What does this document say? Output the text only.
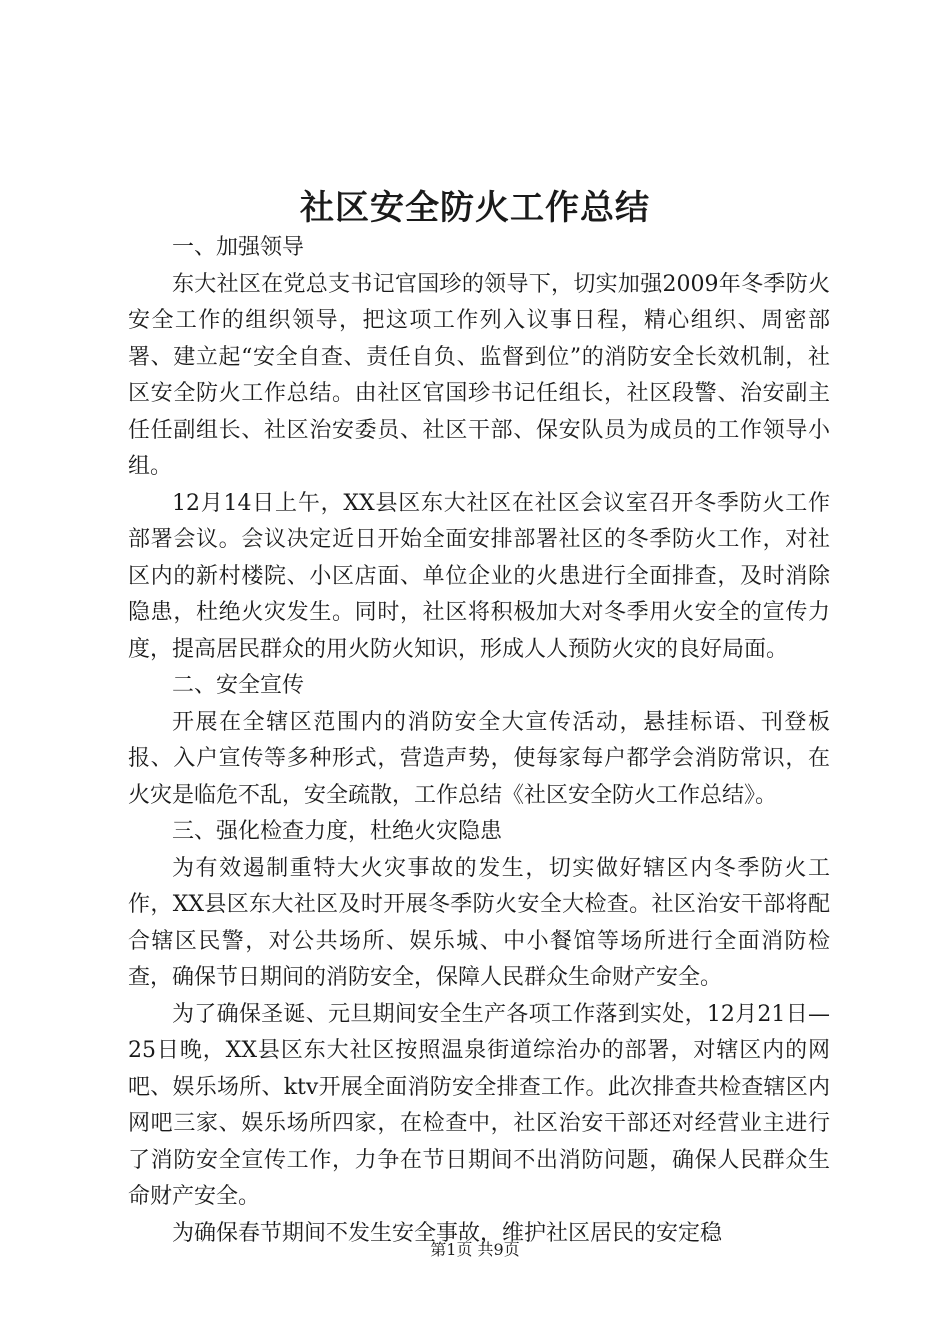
社区安全防火工作总结

一、加强领导

东大社区在党总支书记官国珍的领导下，切实加强2009年冬季防火安全工作的组织领导，把这项工作列入议事日程，精心组织、周密部署、建立起“安全自查、责任自负、监督到位”的消防安全长效机制，社区安全防火工作总结。由社区官国珍书记任组长，社区段警、治安副主任任副组长、社区治安委员、社区干部、保安队员为成员的工作领导小组。

12月14日上午，XX县区东大社区在社区会议室召开冬季防火工作部署会议。会议决定近日开始全面安排部署社区的冬季防火工作，对社区内的新村楼院、小区店面、单位企业的火患进行全面排查，及时消除隐患，杜绝火灾发生。同时，社区将积极加大对冬季用火安全的宣传力度，提高居民群众的用火防火知识，形成人人预防火灾的良好局面。

二、安全宣传

开展在全辖区范围内的消防安全大宣传活动，悬挂标语、刊登板报、入户宣传等多种形式，营造声势，使每家每户都学会消防常识，在火灾是临危不乱，安全疏散，工作总结《社区安全防火工作总结》。

三、强化检查力度，杜绝火灾隐患

为有效遏制重特大火灾事故的发生，切实做好辖区内冬季防火工作，XX县区东大社区及时开展冬季防火安全大检查。社区治安干部将配合辖区民警，对公共场所、娱乐城、中小餐馆等场所进行全面消防检查，确保节日期间的消防安全，保障人民群众生命财产安全。

为了确保圣诞、元旦期间安全生产各项工作落到实处，12月21日—25日晚，XX县区东大社区按照温泉街道综治办的部署，对辖区内的网吧、娱乐场所、ktv开展全面消防安全排查工作。此次排查共检查辖区内网吧三家、娱乐场所四家，在检查中，社区治安干部还对经营业主进行了消防安全宣传工作，力争在节日期间不出消防问题，确保人民群众生命财产安全。

为确保春节期间不发生安全事故，维护社区居民的安定稳

第1页 共9页
